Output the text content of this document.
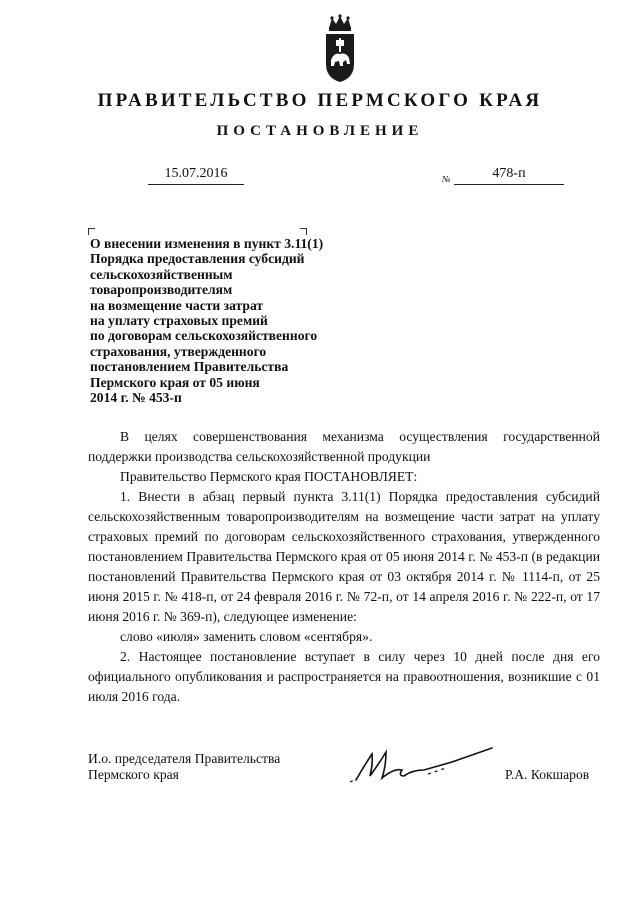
ПРАВИТЕЛЬСТВО ПЕРМСКОГО КРАЯ
ПОСТАНОВЛЕНИЕ
15.07.2016	№	478-п
О внесении изменения в пункт 3.11(1)
Порядка предоставления субсидий
сельскохозяйственным
товаропроизводителям
на возмещение части затрат
на уплату страховых премий
по договорам сельскохозяйственного
страхования, утвержденного
постановлением Правительства
Пермского края от 05 июня
2014 г. № 453-п

В целях совершенствования механизма осуществления государственной поддержки производства сельскохозяйственной продукции

Правительство Пермского края ПОСТАНОВЛЯЕТ:

1. Внести в абзац первый пункта 3.11(1) Порядка предоставления субсидий сельскохозяйственным товаропроизводителям на возмещение части затрат на уплату страховых премий по договорам сельскохозяйственного страхования, утвержденного постановлением Правительства Пермского края от 05 июня 2014 г. № 453-п (в редакции постановлений Правительства Пермского края от 03 октября 2014 г. № 1114-п, от 25 июня 2015 г. № 418-п, от 24 февраля 2016 г. № 72-п, от 14 апреля 2016 г. № 222-п, от 17 июня 2016 г. № 369-п), следующее изменение:

слово «июля» заменить словом «сентября».

2. Настоящее постановление вступает в силу через 10 дней после дня его официального опубликования и распространяется на правоотношения, возникшие с 01 июля 2016 года.

И.о. председателя Правительства
Пермского края	Р.А. Кокшаров
